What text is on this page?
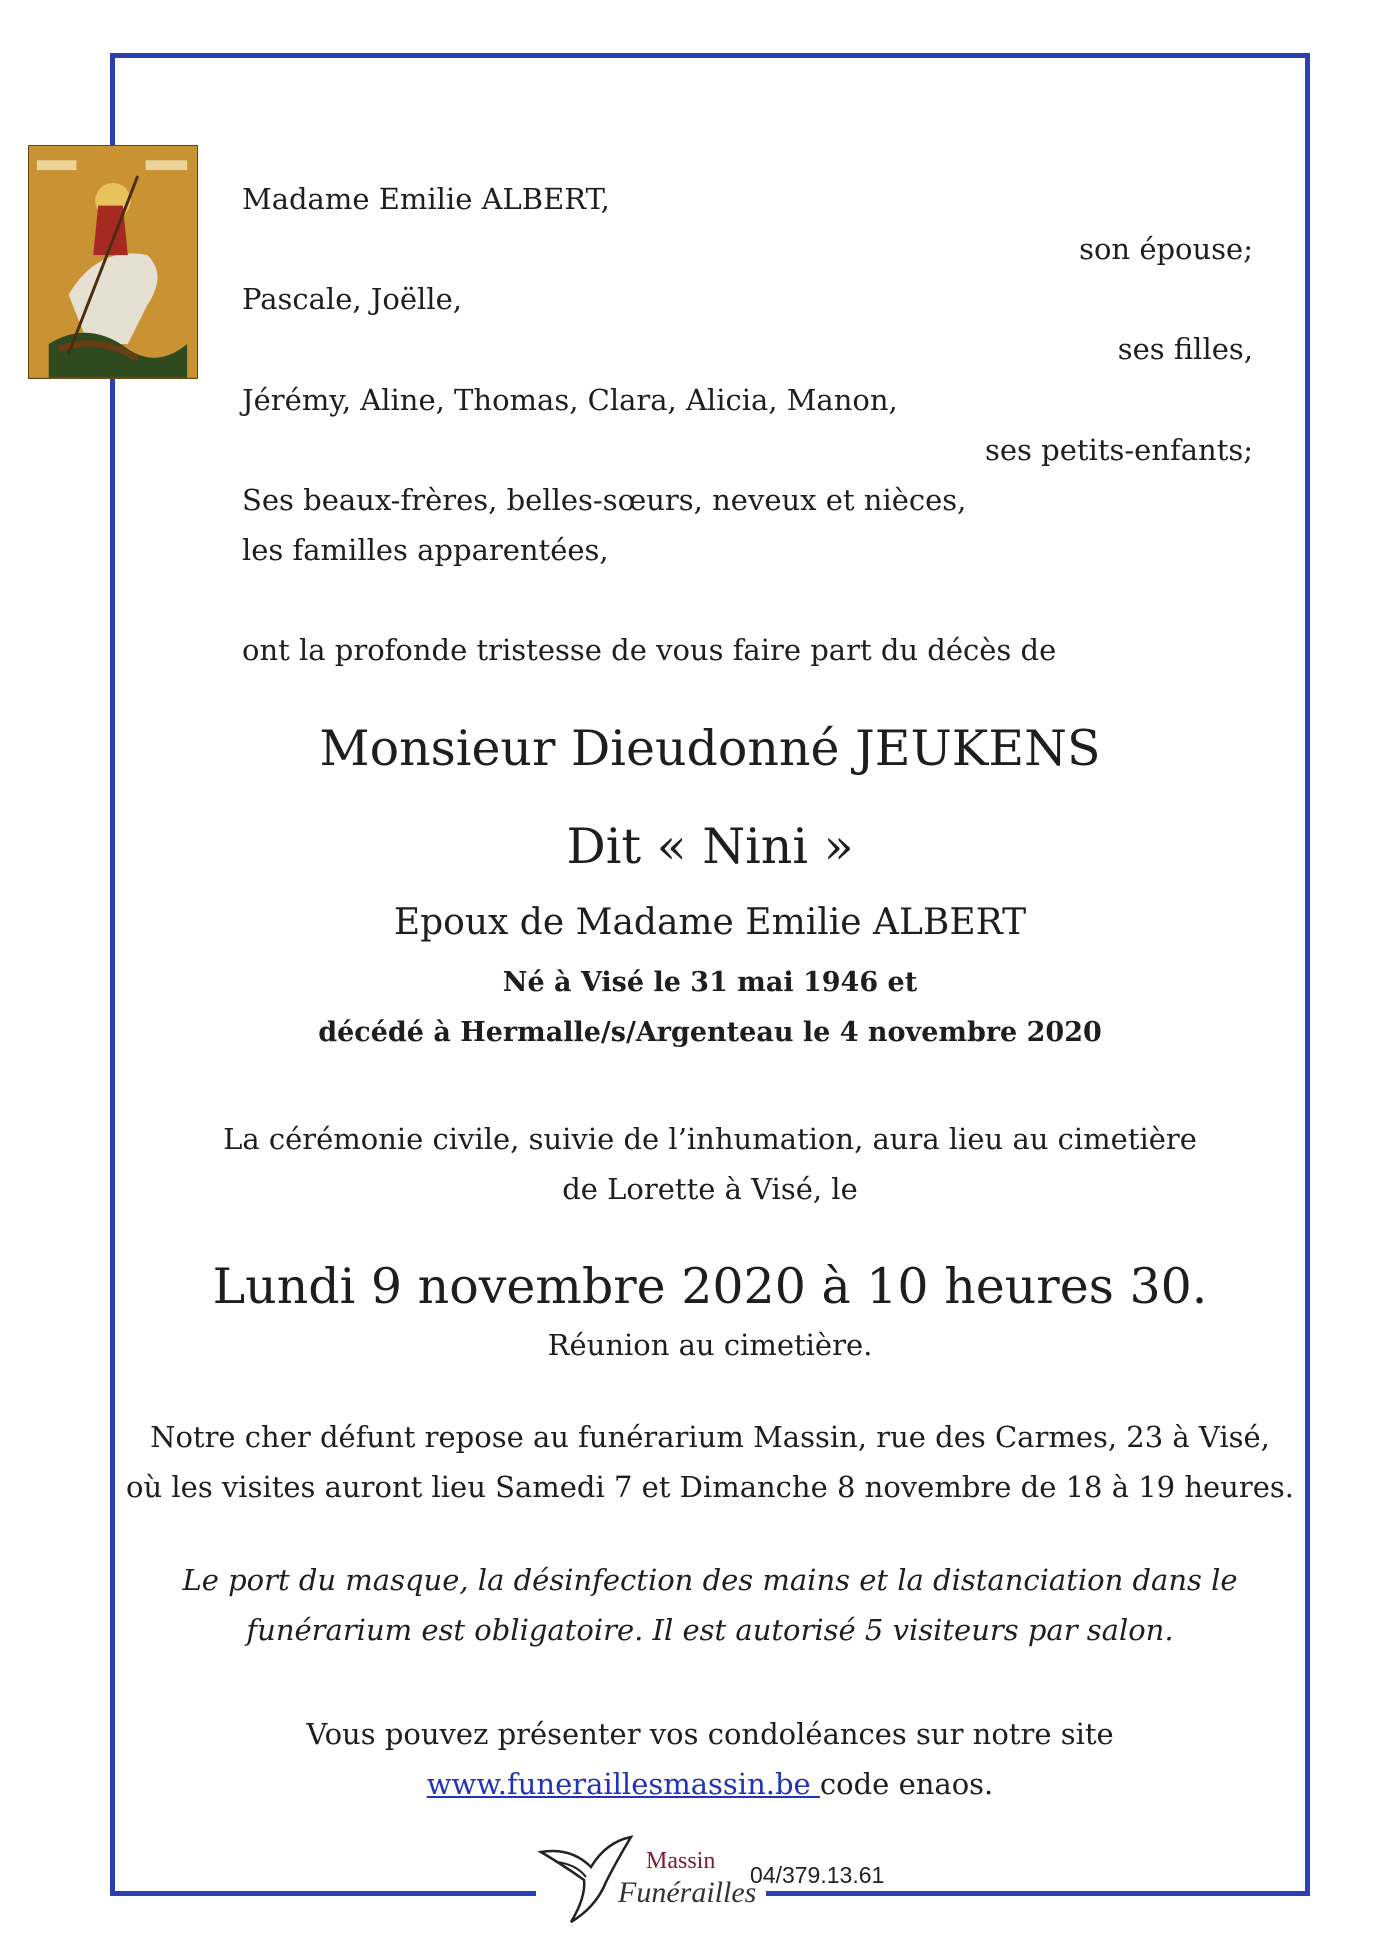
Madame Emilie ALBERT,
son épouse;
Pascale, Joëlle,
ses filles,
Jérémy, Aline, Thomas, Clara, Alicia, Manon,
ses petits-enfants;
Ses beaux-frères, belles-sœurs, neveux et nièces,
les familles apparentées,
ont la profonde tristesse de vous faire part du décès de
Monsieur Dieudonné JEUKENS
Dit « Nini »
Epoux de Madame Emilie ALBERT
Né à Visé le 31 mai 1946 et
décédé à Hermalle/s/Argenteau le 4 novembre 2020
La cérémonie civile, suivie de l’inhumation, aura lieu au cimetière
de Lorette à Visé, le
Lundi 9 novembre 2020 à 10 heures 30.
Réunion au cimetière.
Notre cher défunt repose au funérarium Massin, rue des Carmes, 23 à Visé,
où les visites auront lieu Samedi 7 et Dimanche 8 novembre de 18 à 19 heures.
Le port du masque, la désinfection des mains et la distanciation dans le
funérarium est obligatoire. Il est autorisé 5 visiteurs par salon.
Vous pouvez présenter vos condoléances sur notre site
www.funeraillesmassin.be code enaos.
Massin
Funérailles
04/379.13.61
